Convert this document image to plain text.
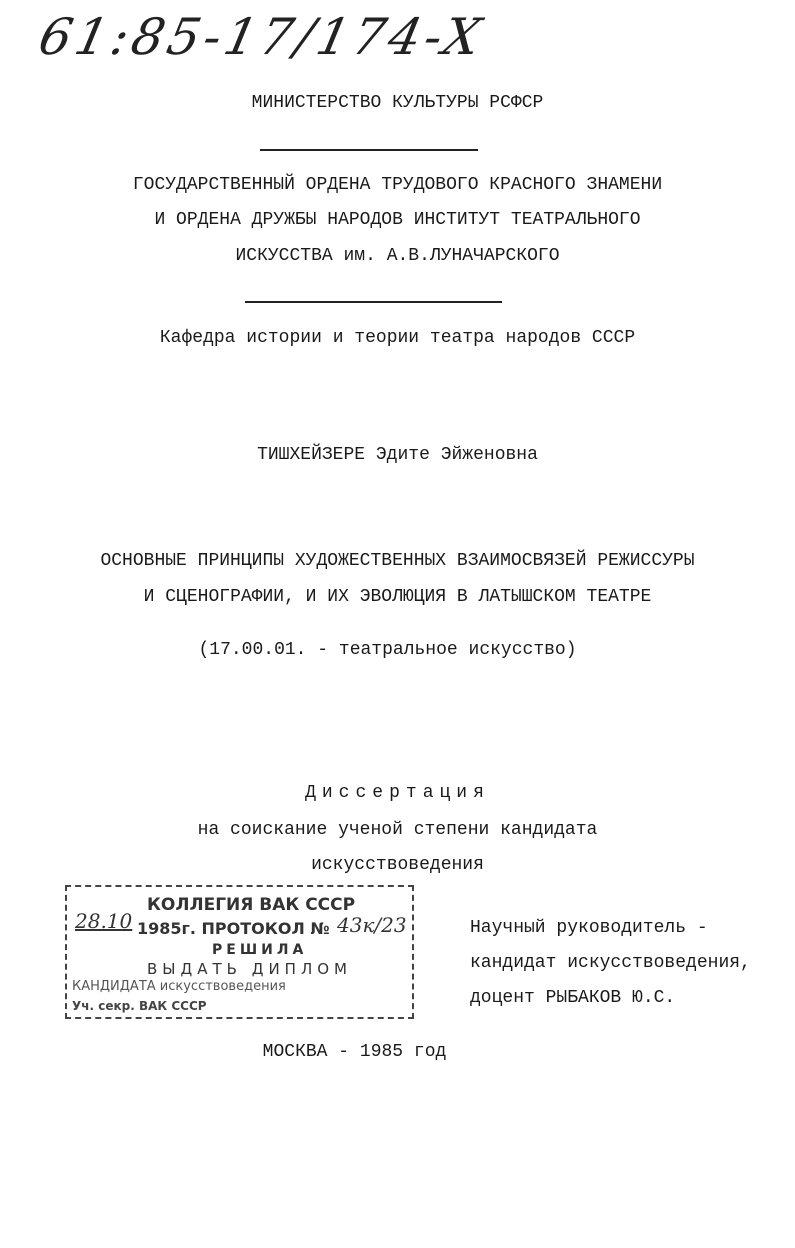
61:85-17/174-X
МИНИСТЕРСТВО КУЛЬТУРЫ РСФСР
ГОСУДАРСТВЕННЫЙ ОРДЕНА ТРУДОВОГО КРАСНОГО ЗНАМЕНИ
И ОРДЕНА ДРУЖБЫ НАРОДОВ ИНСТИТУТ ТЕАТРАЛЬНОГО
ИСКУССТВА им. А.В.ЛУНАЧАРСКОГО
Кафедра истории и теории театра народов СССР
ТИШХЕЙЗЕРЕ Эдите Эйженовна
ОСНОВНЫЕ ПРИНЦИПЫ ХУДОЖЕСТВЕННЫХ ВЗАИМОСВЯЗЕЙ РЕЖИССУРЫ
И СЦЕНОГРАФИИ, И ИХ ЭВОЛЮЦИЯ В ЛАТЫШСКОМ ТЕАТРЕ
(17.00.01. - театральное искусство)
Диссертация
на соискание ученой степени кандидата
искусствоведения
КОЛЛЕГИЯ ВАК СССР
28.10 1985г. ПРОТОКОЛ № 43к/23
РЕШИЛА
ВЫДАТЬ ДИПЛОМ
КАНДИДАТА искусствоведения
Уч. секр. ВАК СССР
Научный руководитель -
кандидат искусствоведения,
доцент РЫБАКОВ Ю.С.
МОСКВА - 1985 год
